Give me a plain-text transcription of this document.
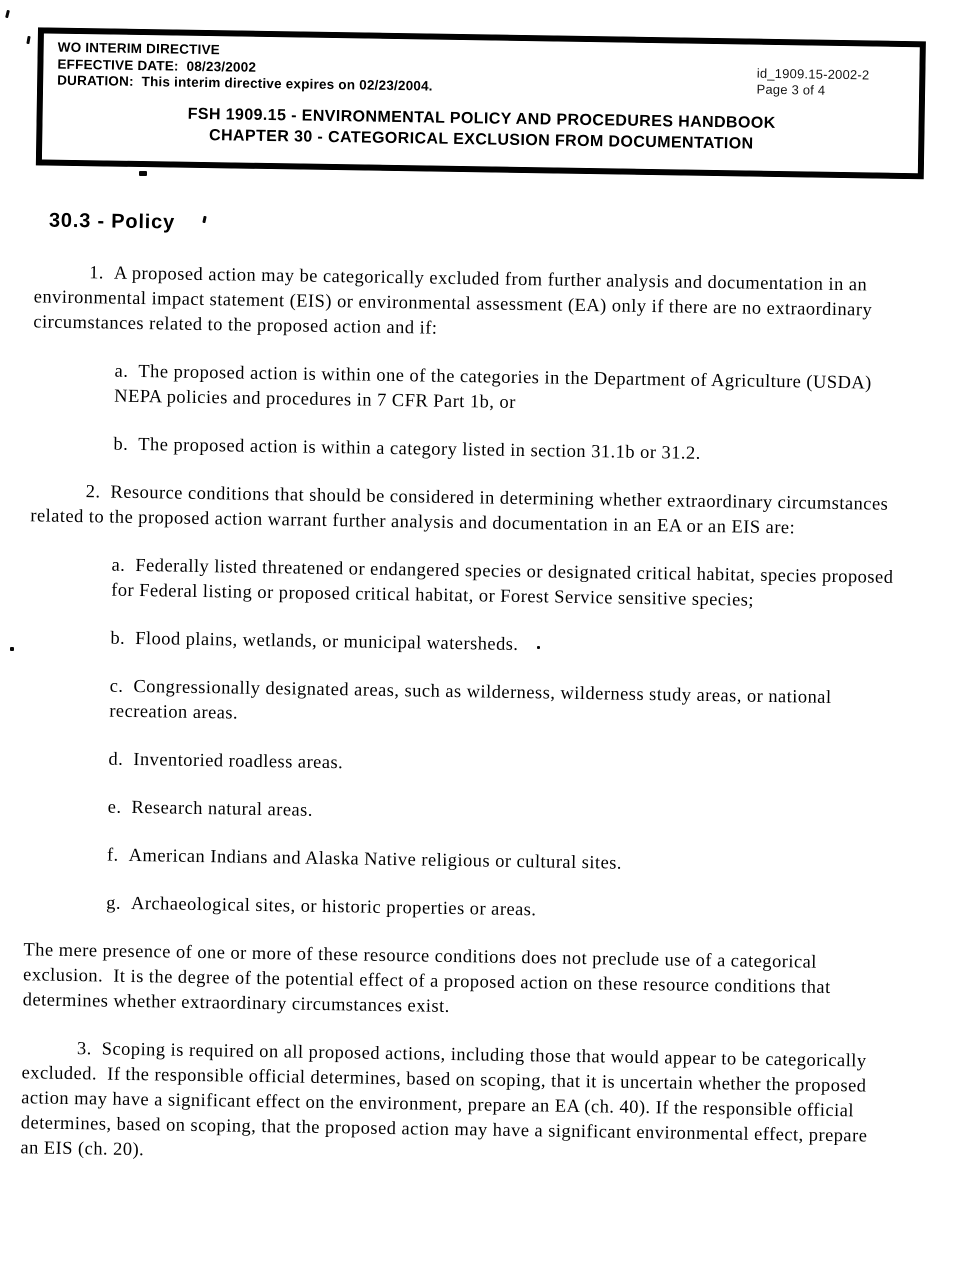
WO INTERIM DIRECTIVE
EFFECTIVE DATE:  08/23/2002
DURATION:  This interim directive expires on 02/23/2004.	id_1909.15-2002-2
Page 3 of 4
FSH 1909.15 - ENVIRONMENTAL POLICY AND PROCEDURES HANDBOOK
CHAPTER 30 - CATEGORICAL EXCLUSION FROM DOCUMENTATION
30.3 - Policy

1. A proposed action may be categorically excluded from further analysis and documentation in an environmental impact statement (EIS) or environmental assessment (EA) only if there are no extraordinary circumstances related to the proposed action and if:

a. The proposed action is within one of the categories in the Department of Agriculture (USDA) NEPA policies and procedures in 7 CFR Part 1b, or

b. The proposed action is within a category listed in section 31.1b or 31.2.

2. Resource conditions that should be considered in determining whether extraordinary circumstances related to the proposed action warrant further analysis and documentation in an EA or an EIS are:

a. Federally listed threatened or endangered species or designated critical habitat, species proposed for Federal listing or proposed critical habitat, or Forest Service sensitive species;

b. Flood plains, wetlands, or municipal watersheds.

c. Congressionally designated areas, such as wilderness, wilderness study areas, or national recreation areas.

d. Inventoried roadless areas.

e. Research natural areas.

f. American Indians and Alaska Native religious or cultural sites.

g. Archaeological sites, or historic properties or areas.

The mere presence of one or more of these resource conditions does not preclude use of a categorical exclusion.  It is the degree of the potential effect of a proposed action on these resource conditions that determines whether extraordinary circumstances exist.

3. Scoping is required on all proposed actions, including those that would appear to be categorically excluded.  If the responsible official determines, based on scoping, that it is uncertain whether the proposed action may have a significant effect on the environment, prepare an EA (ch. 40). If the responsible official determines, based on scoping, that the proposed action may have a significant environmental effect, prepare an EIS (ch. 20).
